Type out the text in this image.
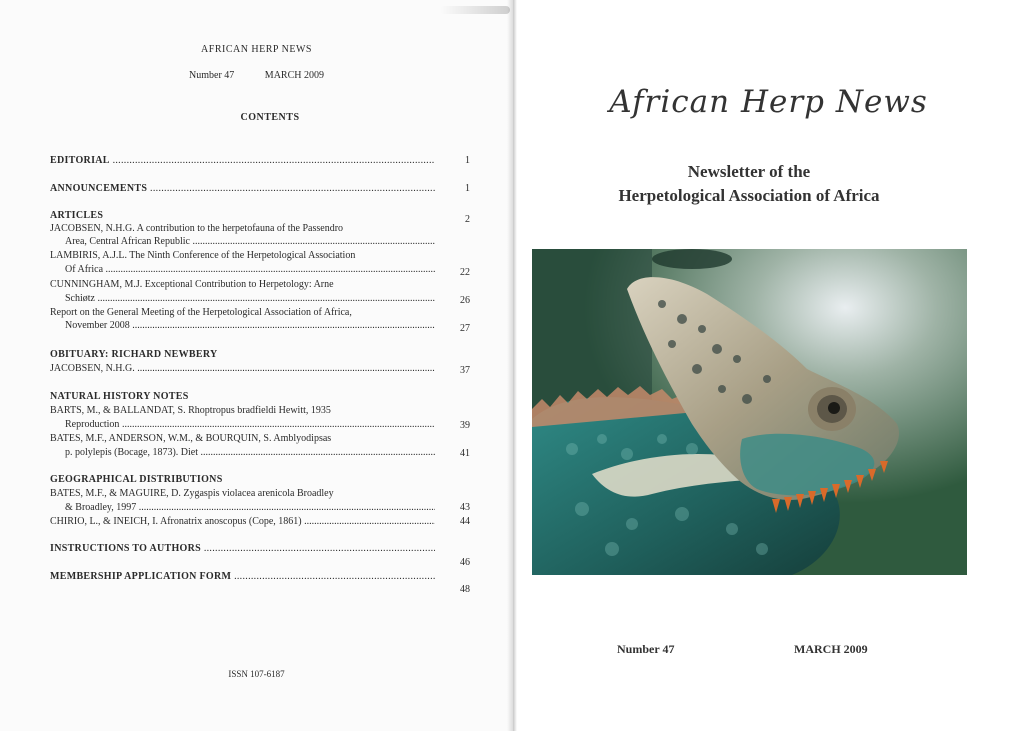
AFRICAN HERP NEWS
Number 47	MARCH 2009
CONTENTS
EDITORIAL .....	1
ANNOUNCEMENTS .....	1
ARTICLES	2
JACOBSEN, N.H.G. A contribution to the herpetofauna of the Passendro
Area, Central African Republic .....
LAMBIRIS, A.J.L. The Ninth Conference of the Herpetological Association
Of Africa .....	22
CUNNINGHAM, M.J. Exceptional Contribution to Herpetology: Arne
Schiøtz .....	26
Report on the General Meeting of the Herpetological Association of Africa,
November 2008 .....	27
OBITUARY: RICHARD NEWBERY
JACOBSEN, N.H.G. .....	37
NATURAL HISTORY NOTES
BARTS, M., & BALLANDAT, S. Rhoptropus bradfieldi Hewitt, 1935
Reproduction .....	39
BATES, M.F., ANDERSON, W.M., & BOURQUIN, S. Amblyodipsas
p. polylepis (Bocage, 1873). Diet .....	41
GEOGRAPHICAL DISTRIBUTIONS
BATES, M.F., & MAGUIRE, D. Zygaspis violacea arenicola Broadley
& Broadley, 1997 .....	43
CHIRIO, L., & INEICH, I. Afronatrix anoscopus (Cope, 1861) .....	44
INSTRUCTIONS TO AUTHORS .....
46
MEMBERSHIP APPLICATION FORM .....
48
ISSN 107-6187
African Herp News
Newsletter of the
Herpetological Association of Africa
Number 47	MARCH 2009
